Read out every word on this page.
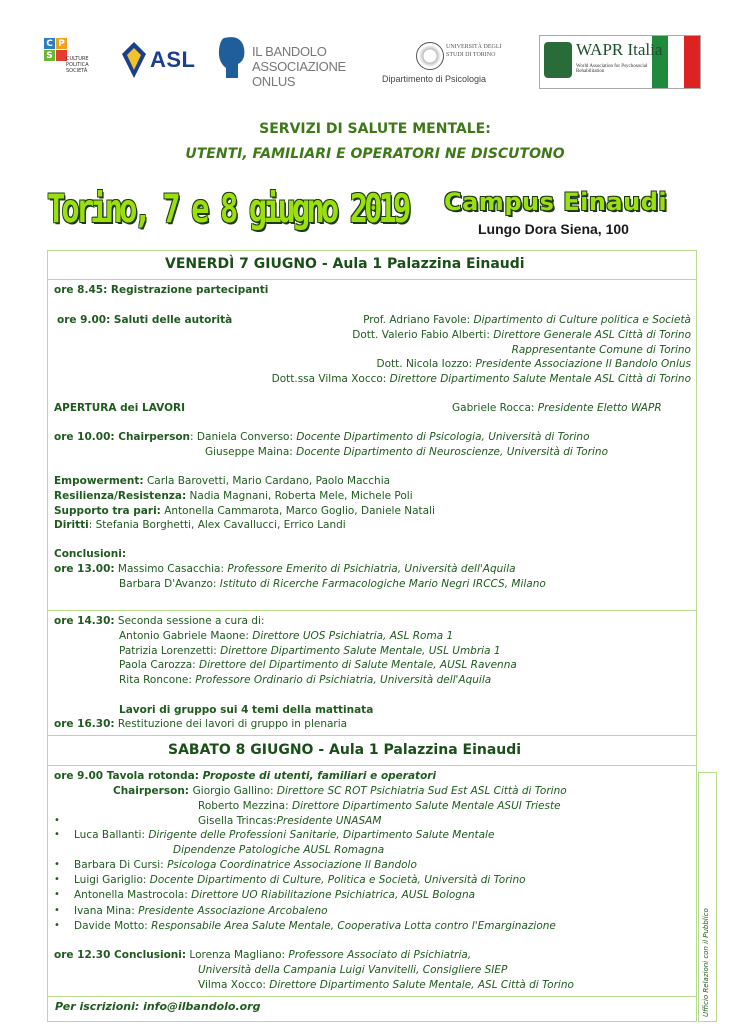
C P
S	CULTURE POLITICA SOCIETÀ	ASL	IL BANDOLO ASSOCIAZIONE ONLUS
UNIVERSITÀ DEGLI STUDI DI TORINO
Dipartimento di Psicologia
WAPR Italia
World Association for Psychosocial Rehabilitation
SERVIZI DI SALUTE MENTALE:
UTENTI, FAMILIARI E OPERATORI NE DISCUTONO
Torino, 7 e 8 giugno 2019 Campus Einaudi
Lungo Dora Siena, 100
VENERDÌ 7 GIUGNO - Aula 1 Palazzina Einaudi
ore 8.45: Registrazione partecipanti
ore 9.00: Saluti delle autorità	Prof. Adriano Favole: Dipartimento di Culture politica e Società
Dott. Valerio Fabio Alberti: Direttore Generale ASL Città di Torino
Rappresentante Comune di Torino
Dott. Nicola Iozzo: Presidente Associazione Il Bandolo Onlus
Dott.ssa Vilma Xocco: Direttore Dipartimento Salute Mentale ASL Città di Torino
APERTURA dei LAVORI	Gabriele Rocca: Presidente Eletto WAPR
ore 10.00: Chairperson: Daniela Converso: Docente Dipartimento di Psicologia, Università di Torino
Giuseppe Maina: Docente Dipartimento di Neuroscienze, Università di Torino
Empowerment: Carla Barovetti, Mario Cardano, Paolo Macchia
Resilienza/Resistenza: Nadia Magnani, Roberta Mele, Michele Poli
Supporto tra pari: Antonella Cammarota, Marco Goglio, Daniele Natali
Diritti: Stefania Borghetti, Alex Cavallucci, Errico Landi
Conclusioni:
ore 13.00: Massimo Casacchia: Professore Emerito di Psichiatria, Università dell'Aquila
Barbara D'Avanzo: Istituto di Ricerche Farmacologiche Mario Negri IRCCS, Milano
ore 14.30: Seconda sessione a cura di:
Antonio Gabriele Maone: Direttore UOS Psichiatria, ASL Roma 1
Patrizia Lorenzetti: Direttore Dipartimento Salute Mentale, USL Umbria 1
Paola Carozza: Direttore del Dipartimento di Salute Mentale, AUSL Ravenna
Rita Roncone: Professore Ordinario di Psichiatria, Università dell'Aquila
Lavori di gruppo sui 4 temi della mattinata
ore 16.30: Restituzione dei lavori di gruppo in plenaria
SABATO 8 GIUGNO - Aula 1 Palazzina Einaudi
ore 9.00 Tavola rotonda: Proposte di utenti, familiari e operatori
Chairperson: Giorgio Gallino: Direttore SC ROT Psichiatria Sud Est ASL Città di Torino
Roberto Mezzina: Direttore Dipartimento Salute Mentale ASUI Trieste
•	Gisella Trincas:Presidente UNASAM
• Luca Ballanti: Dirigente delle Professioni Sanitarie, Dipartimento Salute Mentale
Dipendenze Patologiche AUSL Romagna
• Barbara Di Cursi: Psicologa Coordinatrice Associazione Il Bandolo
• Luigi Gariglio: Docente Dipartimento di Culture, Politica e Società, Università di Torino
• Antonella Mastrocola: Direttore UO Riabilitazione Psichiatrica, AUSL Bologna
• Ivana Mina: Presidente Associazione Arcobaleno
• Davide Motto: Responsabile Area Salute Mentale, Cooperativa Lotta contro l'Emarginazione
ore 12.30 Conclusioni: Lorenza Magliano: Professore Associato di Psichiatria,
Università della Campania Luigi Vanvitelli, Consigliere SIEP
Vilma Xocco: Direttore Dipartimento Salute Mentale, ASL Città di Torino
Per iscrizioni: info@ilbandolo.org	Ufficio Relazioni con il Pubblico
